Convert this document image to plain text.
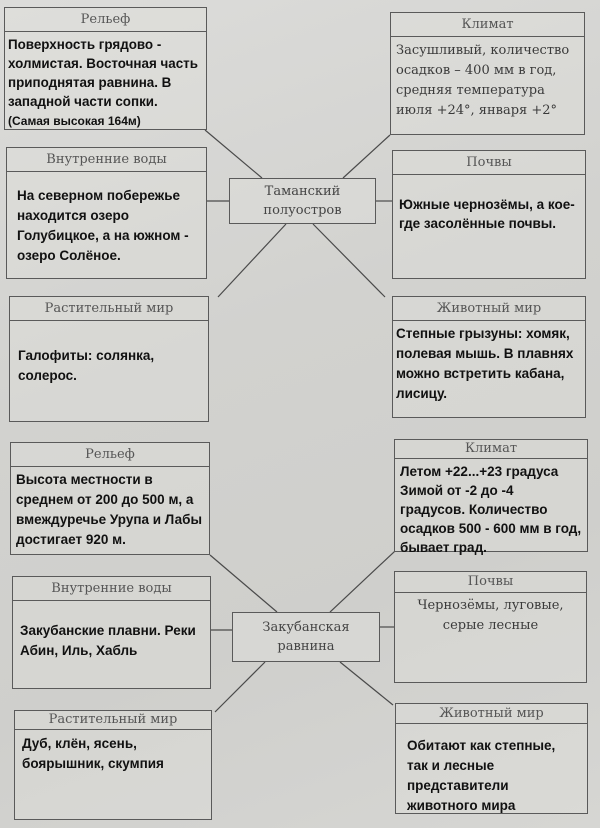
Рельеф
Поверхность грядово - холмистая. Восточная часть приподнятая равнина. В западной части сопки. (Самая высокая 164м)
Климат
Засушливый, количество осадков – 400 мм в год, средняя температура июля +24°, января +2°
Внутренние воды
На северном побережье находится озеро Голубицкое, а на южном - озеро Солёное.
Таманский
полуостров
Почвы
Южные чернозёмы, а кое-где засолённые почвы.
Растительный мир
Галофиты: солянка, солерос.
Животный мир
Степные грызуны: хомяк, полевая мышь. В плавнях можно встретить кабана, лисицу.
Рельеф
Высота местности в среднем от 200 до 500 м, а вмеждуречье Урупа и Лабы достигает 920 м.
Климат
Летом +22...+23 градуса Зимой от -2 до -4 градусов. Количество осадков 500 - 600 мм в год, бывает град.
Внутренние воды
Закубанские плавни. Реки Абин, Иль, Хабль
Закубанская
равнина
Почвы
Чернозёмы, луговые, серые лесные
Растительный мир
Дуб, клён, ясень, боярышник, скумпия
Животный мир
Обитают как степные, так и лесные представители животного мира
